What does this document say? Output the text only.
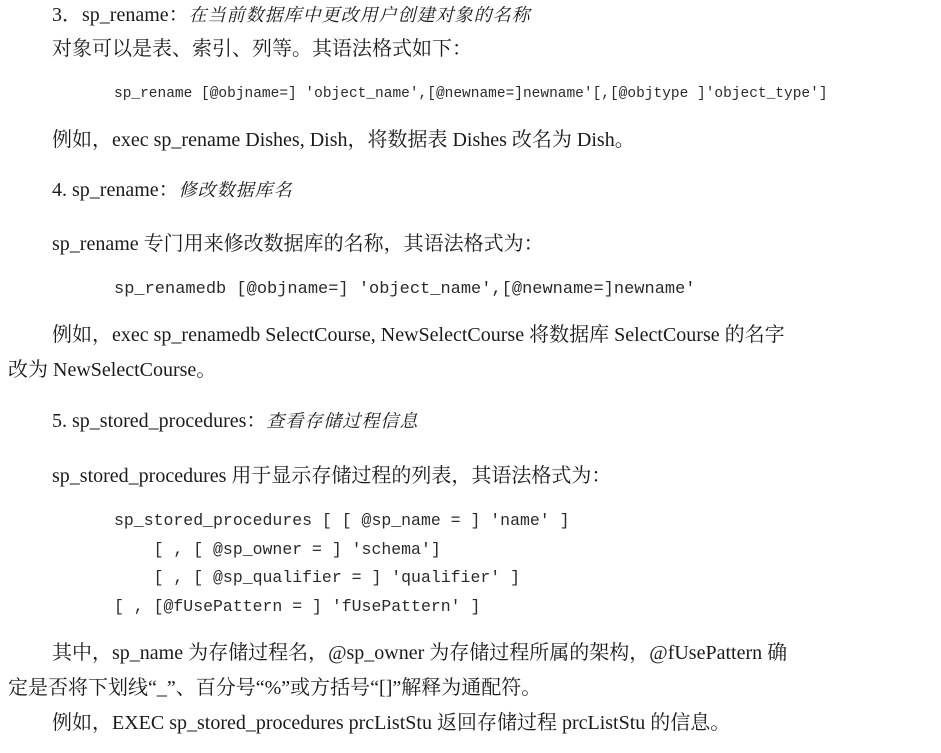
3．sp_rename：在当前数据库中更改用户创建对象的名称
对象可以是表、索引、列等。其语法格式如下：
sp_rename [@objname=] 'object_name',[@newname=]newname'[,[@objtype ]'object_type']
例如，exec sp_rename Dishes, Dish，将数据表 Dishes 改名为 Dish。
4. sp_rename：修改数据库名
sp_rename 专门用来修改数据库的名称，其语法格式为：
sp_renamedb [@objname=] 'object_name',[@newname=]newname'
例如，exec sp_renamedb SelectCourse, NewSelectCourse 将数据库 SelectCourse 的名字
改为 NewSelectCourse。
5. sp_stored_procedures：查看存储过程信息
sp_stored_procedures 用于显示存储过程的列表，其语法格式为：
sp_stored_procedures [ [ @sp_name = ] 'name' ]
[ , [ @sp_owner = ] 'schema']
[ , [ @sp_qualifier = ] 'qualifier' ]
[ , [@fUsePattern = ] 'fUsePattern' ]
其中，sp_name 为存储过程名，@sp_owner 为存储过程所属的架构，@fUsePattern 确
定是否将下划线“_”、百分号“%”或方括号“[]”解释为通配符。
例如，EXEC sp_stored_procedures prcListStu 返回存储过程 prcListStu 的信息。
